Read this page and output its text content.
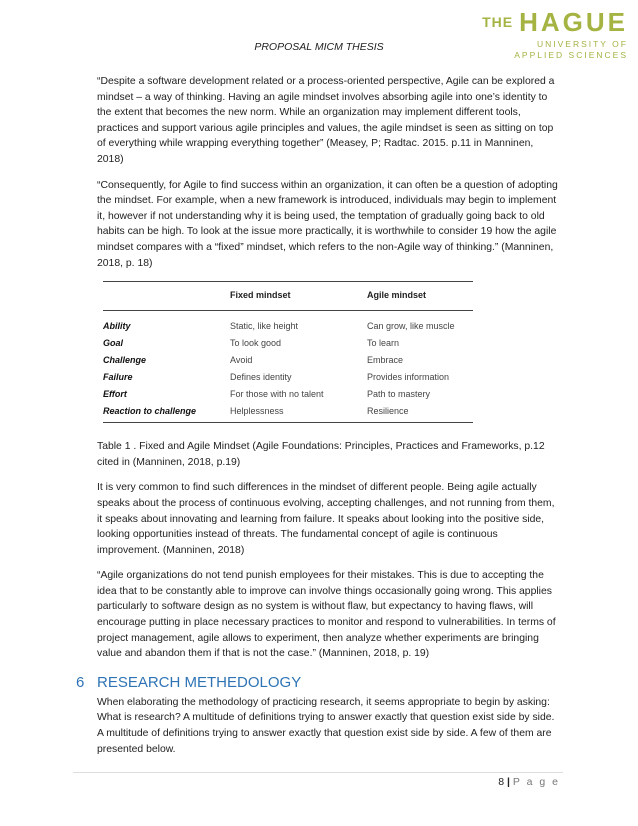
THE HAGUE
UNIVERSITY OF
APPLIED SCIENCES
PROPOSAL MICM THESIS

“Despite a software development related or a process-oriented perspective, Agile can be explored a mindset – a way of thinking. Having an agile mindset involves absorbing agile into one’s identity to the extent that becomes the new norm. While an organization may implement different tools, practices and support various agile principles and values, the agile mindset is seen as sitting on top of everything while wrapping everything together” (Measey, P; Radtac. 2015. p.11 in Manninen, 2018)

“Consequently, for Agile to find success within an organization, it can often be a question of adopting the mindset. For example, when a new framework is introduced, individuals may begin to implement it, however if not understanding why it is being used, the temptation of gradually going back to old habits can be high. To look at the issue more practically, it is worthwhile to consider 19 how the agile mindset compares with a “fixed” mindset, which refers to the non-Agile way of thinking.” (Manninen, 2018, p. 18)

	Fixed mindset	Agile mindset
Ability	Static, like height	Can grow, like muscle
Goal	To look good	To learn
Challenge	Avoid	Embrace
Failure	Defines identity	Provides information
Effort	For those with no talent	Path to mastery
Reaction to challenge	Helplessness	Resilience

Table 1 . Fixed and Agile Mindset (Agile Foundations: Principles, Practices and Frameworks, p.12 cited in (Manninen, 2018, p.19)

It is very common to find such differences in the mindset of different people. Being agile actually speaks about the process of continuous evolving, accepting challenges, and not running from them, it speaks about innovating and learning from failure. It speaks about looking into the positive side, looking opportunities instead of threats. The fundamental concept of agile is continuous improvement. (Manninen, 2018)

“Agile organizations do not tend punish employees for their mistakes. This is due to accepting the idea that to be constantly able to improve can involve things occasionally going wrong. This applies particularly to software design as no system is without flaw, but expectancy to having flaws, will encourage putting in place necessary practices to monitor and respond to vulnerabilities. In terms of project management, agile allows to experiment, then analyze whether experiments are bringing value and abandon them if that is not the case.” (Manninen, 2018, p. 19)

6 RESEARCH METHEDOLOGY

When elaborating the methodology of practicing research, it seems appropriate to begin by asking: What is research? A multitude of definitions trying to answer exactly that question exist side by side. A multitude of definitions trying to answer exactly that question exist side by side. A few of them are presented below.

8 | P a g e
